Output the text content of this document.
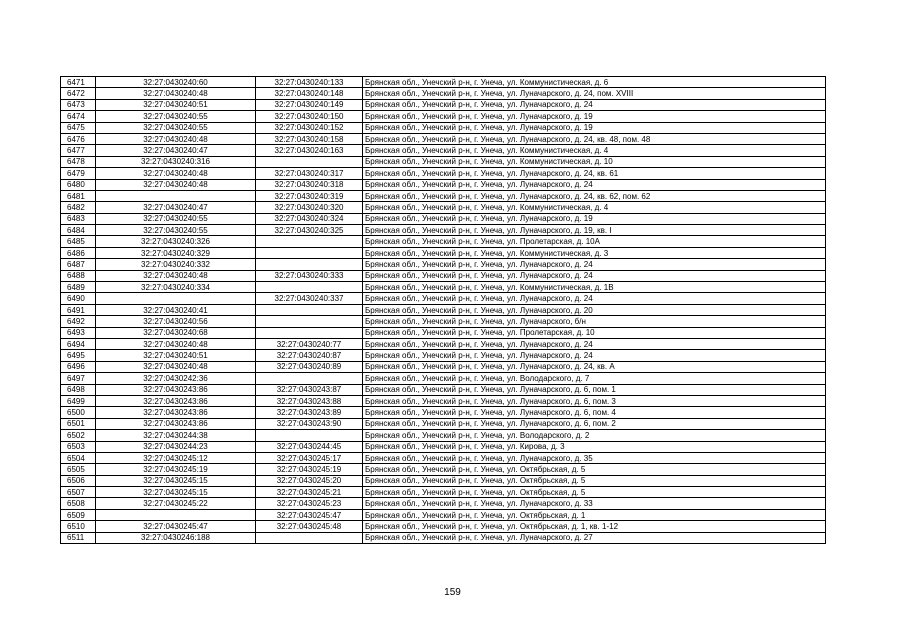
6471	32:27:0430240:60	32:27:0430240:133	Брянская обл., Унечский р-н, г. Унеча, ул. Коммунистическая, д. 6
6472	32:27:0430240:48	32:27:0430240:148	Брянская обл., Унечский р-н, г. Унеча, ул. Луначарского, д. 24, пом. XVIII
6473	32:27:0430240:51	32:27:0430240:149	Брянская обл., Унечский р-н, г. Унеча, ул. Луначарского, д. 24
6474	32:27:0430240:55	32:27:0430240:150	Брянская обл., Унечский р-н, г. Унеча, ул. Луначарского, д. 19
6475	32:27:0430240:55	32:27:0430240:152	Брянская обл., Унечский р-н, г. Унеча, ул. Луначарского, д. 19
6476	32:27:0430240:48	32:27:0430240:158	Брянская обл., Унечский р-н, г. Унеча, ул. Луначарского, д. 24, кв. 48, пом. 48
6477	32:27:0430240:47	32:27:0430240:163	Брянская обл., Унечский р-н, г. Унеча, ул. Коммунистическая, д. 4
6478	32:27:0430240:316		Брянская обл., Унечский р-н, г. Унеча, ул. Коммунистическая, д. 10
6479	32:27:0430240:48	32:27:0430240:317	Брянская обл., Унечский р-н, г. Унеча, ул. Луначарского, д. 24, кв. 61
6480	32:27:0430240:48	32:27:0430240:318	Брянская обл., Унечский р-н, г. Унеча, ул. Луначарского, д. 24
6481		32:27:0430240:319	Брянская обл., Унечский р-н, г. Унеча, ул. Луначарского, д. 24, кв. 62, пом. 62
6482	32:27:0430240:47	32:27:0430240:320	Брянская обл., Унечский р-н, г. Унеча, ул. Коммунистическая, д. 4
6483	32:27:0430240:55	32:27:0430240:324	Брянская обл., Унечский р-н, г. Унеча, ул. Луначарского, д. 19
6484	32:27:0430240:55	32:27:0430240:325	Брянская обл., Унечский р-н, г. Унеча, ул. Луначарского, д. 19, кв. I
6485	32:27:0430240:326		Брянская обл., Унечский р-н, г. Унеча, ул. Пролетарская, д. 10А
6486	32:27:0430240:329		Брянская обл., Унечский р-н, г. Унеча, ул. Коммунистическая, д. 3
6487	32:27:0430240:332		Брянская обл., Унечский р-н, г. Унеча, ул. Луначарского, д. 24
6488	32:27:0430240:48	32:27:0430240:333	Брянская обл., Унечский р-н, г. Унеча, ул. Луначарского, д. 24
6489	32:27:0430240:334		Брянская обл., Унечский р-н, г. Унеча, ул. Коммунистическая, д. 1В
6490		32:27:0430240:337	Брянская обл., Унечский р-н, г. Унеча, ул. Луначарского, д. 24
6491	32:27:0430240:41		Брянская обл., Унечский р-н, г. Унеча, ул. Луначарского, д. 20
6492	32:27:0430240:56		Брянская обл., Унечский р-н, г. Унеча, ул. Луначарского, б/н
6493	32:27:0430240:68		Брянская обл., Унечский р-н, г. Унеча, ул. Пролетарская, д. 10
6494	32:27:0430240:48	32:27:0430240:77	Брянская обл., Унечский р-н, г. Унеча, ул. Луначарского, д. 24
6495	32:27:0430240:51	32:27:0430240:87	Брянская обл., Унечский р-н, г. Унеча, ул. Луначарского, д. 24
6496	32:27:0430240:48	32:27:0430240:89	Брянская обл., Унечский р-н, г. Унеча, ул. Луначарского, д. 24, кв. А
6497	32:27:0430242:36		Брянская обл., Унечский р-н, г. Унеча, ул. Володарского, д. 7
6498	32:27:0430243:86	32:27:0430243:87	Брянская обл., Унечский р-н, г. Унеча, ул. Луначарского, д. 6, пом. 1
6499	32:27:0430243:86	32:27:0430243:88	Брянская обл., Унечский р-н, г. Унеча, ул. Луначарского, д. 6, пом. 3
6500	32:27:0430243:86	32:27:0430243:89	Брянская обл., Унечский р-н, г. Унеча, ул. Луначарского, д. 6, пом. 4
6501	32:27:0430243:86	32:27:0430243:90	Брянская обл., Унечский р-н, г. Унеча, ул. Луначарского, д. 6, пом. 2
6502	32:27:0430244:38		Брянская обл., Унечский р-н, г. Унеча, ул. Володарского, д. 2
6503	32:27:0430244:23	32:27:0430244:45	Брянская обл., Унечский р-н, г. Унеча, ул. Кирова, д. 3
6504	32:27:0430245:12	32:27:0430245:17	Брянская обл., Унечский р-н, г. Унеча, ул. Луначарского, д. 35
6505	32:27:0430245:19	32:27:0430245:19	Брянская обл., Унечский р-н, г. Унеча, ул. Октябрьская, д. 5
6506	32:27:0430245:15	32:27:0430245:20	Брянская обл., Унечский р-н, г. Унеча, ул. Октябрьская, д. 5
6507	32:27:0430245:15	32:27:0430245:21	Брянская обл., Унечский р-н, г. Унеча, ул. Октябрьская, д. 5
6508	32:27:0430245:22	32:27:0430245:23	Брянская обл., Унечский р-н, г. Унеча, ул. Луначарского, д. 33
6509		32:27:0430245:47	Брянская обл., Унечский р-н, г. Унеча, ул. Октябрьская, д. 1
6510	32:27:0430245:47	32:27:0430245:48	Брянская обл., Унечский р-н, г. Унеча, ул. Октябрьская, д. 1, кв. 1-12
6511	32:27:0430246:188		Брянская обл., Унечский р-н, г. Унеча, ул. Луначарского, д. 27
159
